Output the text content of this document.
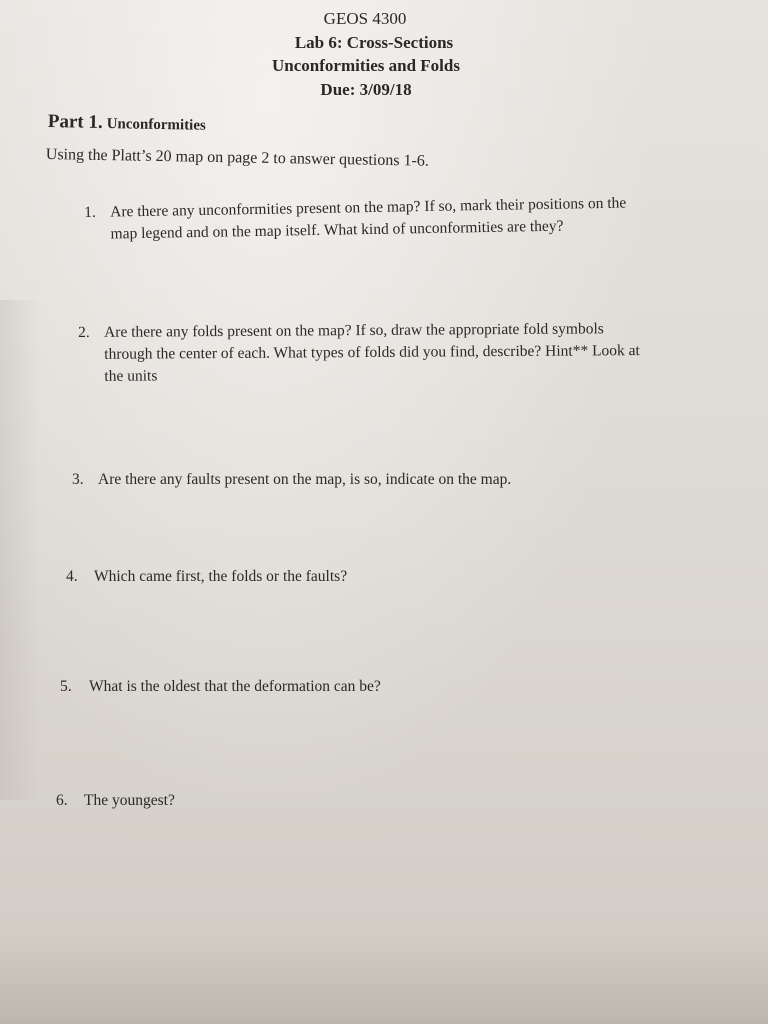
GEOS 4300
Lab 6: Cross-Sections
Unconformities and Folds
Due: 3/09/18
Part 1. Unconformities
Using the Platt’s 20 map on page 2 to answer questions 1-6.
1. Are there any unconformities present on the map? If so, mark their positions on the
map legend and on the map itself. What kind of unconformities are they?
2. Are there any folds present on the map? If so, draw the appropriate fold symbols
through the center of each. What types of folds did you find, describe? Hint** Look at
the units
3. Are there any faults present on the map, is so, indicate on the map.
4. Which came first, the folds or the faults?
5. What is the oldest that the deformation can be?
6. The youngest?
